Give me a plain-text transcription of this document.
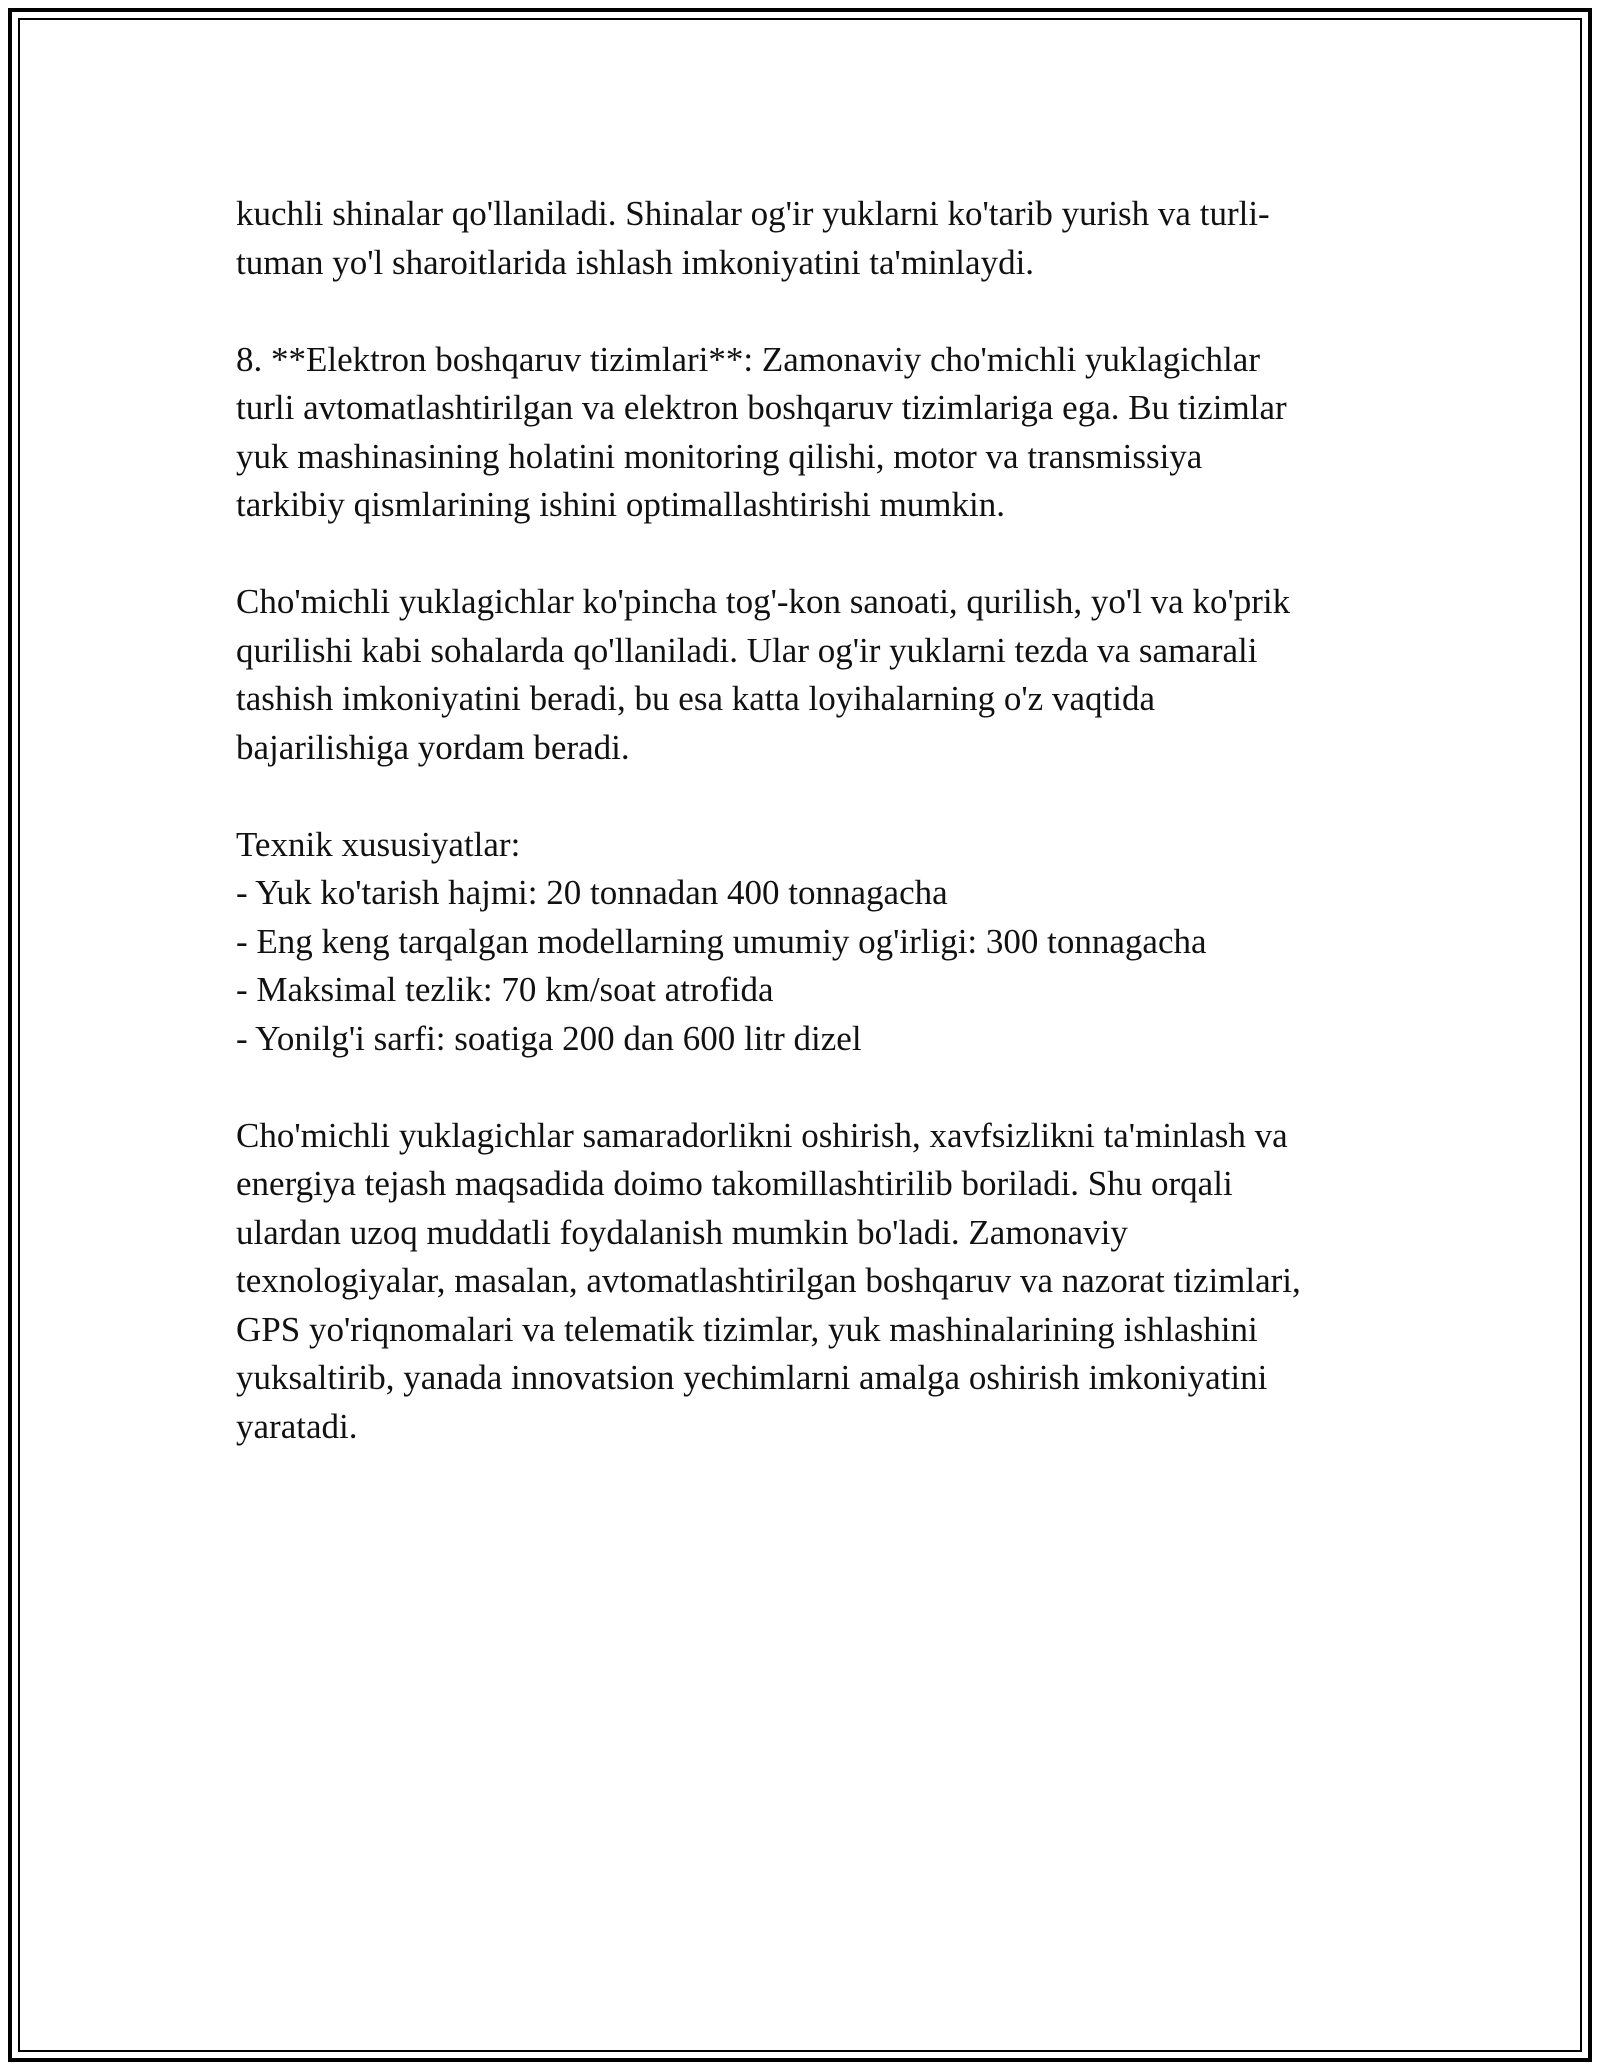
kuchli shinalar qo'llaniladi. Shinalar og'ir yuklarni ko'tarib yurish va turli-
tuman yo'l sharoitlarida ishlash imkoniyatini ta'minlaydi.

8. **Elektron boshqaruv tizimlari**: Zamonaviy cho'michli yuklagichlar
turli avtomatlashtirilgan va elektron boshqaruv tizimlariga ega. Bu tizimlar
yuk mashinasining holatini monitoring qilishi, motor va transmissiya
tarkibiy qismlarining ishini optimallashtirishi mumkin.

Cho'michli yuklagichlar ko'pincha tog'-kon sanoati, qurilish, yo'l va ko'prik
qurilishi kabi sohalarda qo'llaniladi. Ular og'ir yuklarni tezda va samarali
tashish imkoniyatini beradi, bu esa katta loyihalarning o'z vaqtida
bajarilishiga yordam beradi.

Texnik xususiyatlar:
- Yuk ko'tarish hajmi: 20 tonnadan 400 tonnagacha
- Eng keng tarqalgan modellarning umumiy og'irligi: 300 tonnagacha
- Maksimal tezlik: 70 km/soat atrofida
- Yonilg'i sarfi: soatiga 200 dan 600 litr dizel

Cho'michli yuklagichlar samaradorlikni oshirish, xavfsizlikni ta'minlash va
energiya tejash maqsadida doimo takomillashtirilib boriladi. Shu orqali
ulardan uzoq muddatli foydalanish mumkin bo'ladi. Zamonaviy
texnologiyalar, masalan, avtomatlashtirilgan boshqaruv va nazorat tizimlari,
GPS yo'riqnomalari va telematik tizimlar, yuk mashinalarining ishlashini
yuksaltirib, yanada innovatsion yechimlarni amalga oshirish imkoniyatini
yaratadi.
